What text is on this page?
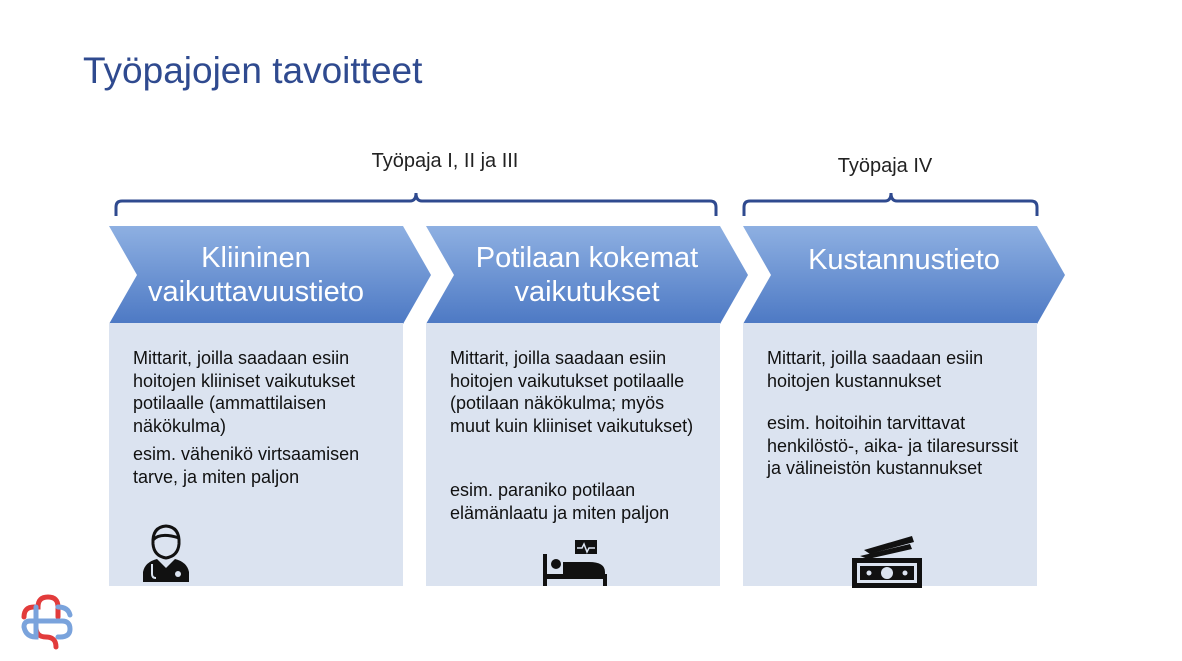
Työpajojen tavoitteet
Työpaja I, II ja III	Työpaja IV
Kliininen vaikuttavuustieto

Mittarit, joilla saadaan esiin hoitojen kliiniset vaikutukset potilaalle (ammattilaisen näkökulma)

esim. vähenikö virtsaamisen tarve, ja miten paljon

Potilaan kokemat vaikutukset

Mittarit, joilla saadaan esiin hoitojen vaikutukset potilaalle (potilaan näkökulma; myös muut kuin kliiniset vaikutukset)

esim. paraniko potilaan elämänlaatu ja miten paljon

Kustannustieto

Mittarit, joilla saadaan esiin hoitojen kustannukset

esim. hoitoihin tarvittavat henkilöstö-, aika- ja tilaresurssit ja välineistön kustannukset
